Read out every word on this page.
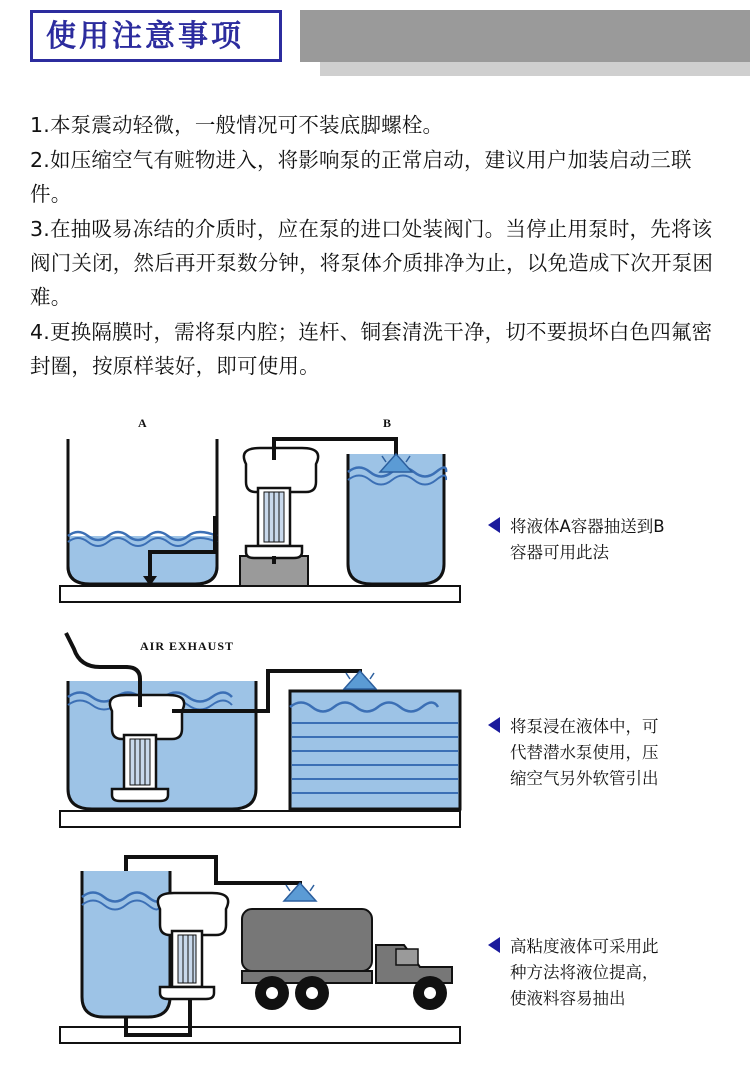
使用注意事项

1.本泵震动轻微，一般情况可不装底脚螺栓。

2.如压缩空气有赃物进入，将影响泵的正常启动，建议用户加装启动三联件。

3.在抽吸易冻结的介质时，应在泵的进口处装阀门。当停止用泵时，先将该阀门关闭，然后再开泵数分钟，将泵体介质排净为止，以免造成下次开泵困难。

4.更换隔膜时，需将泵内腔；连杆、铜套清洗干净，切不要损坏白色四氟密封圈，按原样装好，即可使用。

A	B
将液体A容器抽送到B容器可用此法
AIR EXHAUST
将泵浸在液体中，可代替潜水泵使用，压缩空气另外软管引出
高粘度液体可采用此种方法将液位提高，使液料容易抽出
